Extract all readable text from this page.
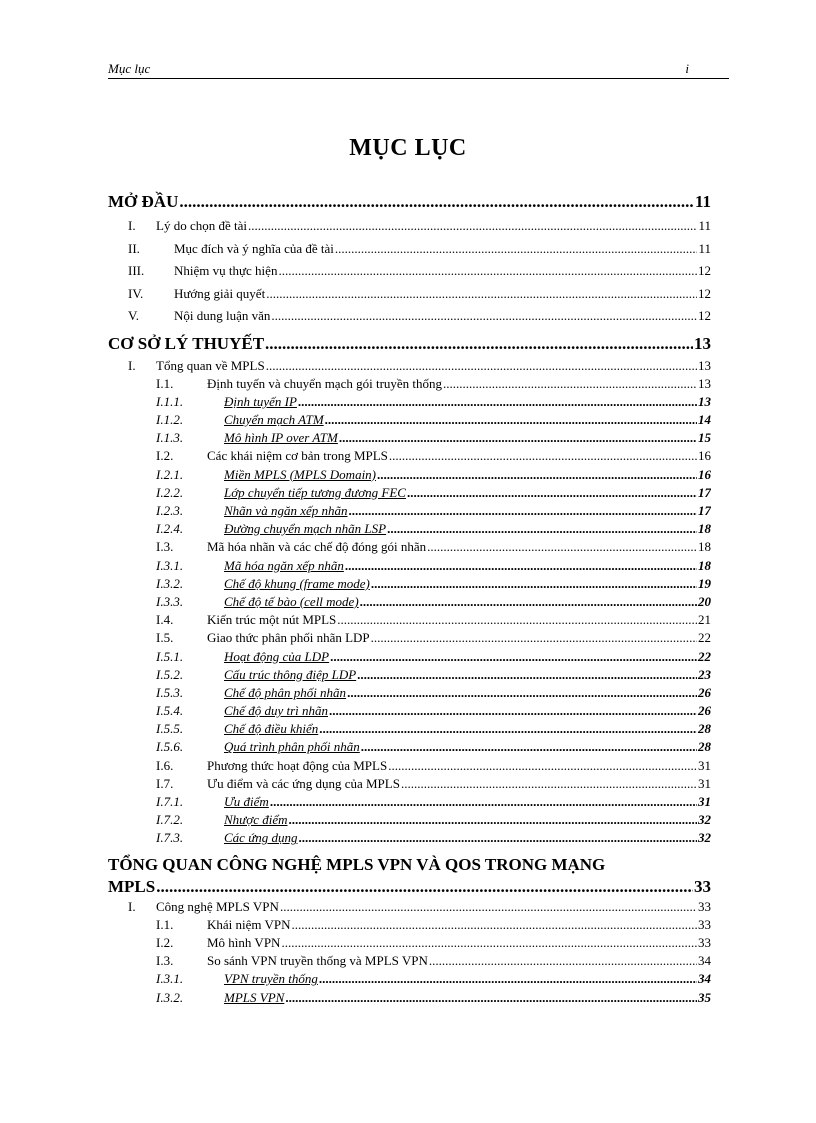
Mục lục	i
MỤC LỤC
MỞ ĐẦU .....	11
I.	Lý do chọn đề tài .....	11
II.	Mục đích và ý nghĩa của đề tài .....	11
III.	Nhiệm vụ thực hiện .....	12
IV.	Hướng giải quyết .....	12
V.	Nội dung luận văn .....	12
CƠ SỞ LÝ THUYẾT .....	13
I.	Tổng quan về MPLS .....	13
I.1.	Định tuyến và chuyển mạch gói truyền thống .....	13
I.1.1.	Định tuyến IP .....	13
I.1.2.	Chuyển mạch ATM .....	14
I.1.3.	Mô hình IP over ATM .....	15
I.2.	Các khái niệm cơ bản trong MPLS .....	16
I.2.1.	Miền MPLS (MPLS Domain) .....	16
I.2.2.	Lớp chuyển tiếp tương đương FEC .....	17
I.2.3.	Nhãn và ngăn xếp nhãn .....	17
I.2.4.	Đường chuyển mạch nhãn LSP .....	18
I.3.	Mã hóa nhãn và các chế độ đóng gói nhãn .....	18
I.3.1.	Mã hóa ngăn xếp nhãn .....	18
I.3.2.	Chế độ khung (frame mode) .....	19
I.3.3.	Chế độ tế bào (cell mode) .....	20
I.4.	Kiến trúc một nút MPLS .....	21
I.5.	Giao thức phân phối nhãn LDP .....	22
I.5.1.	Hoạt động của LDP .....	22
I.5.2.	Cấu trúc thông điệp LDP .....	23
I.5.3.	Chế độ phân phối nhãn .....	26
I.5.4.	Chế độ duy trì nhãn .....	26
I.5.5.	Chế độ điều khiển .....	28
I.5.6.	Quá trình phân phối nhãn .....	28
I.6.	Phương thức hoạt động của MPLS .....	31
I.7.	Ưu điểm và các ứng dụng của MPLS .....	31
I.7.1.	Ưu điểm .....	31
I.7.2.	Nhược điểm .....	32
I.7.3.	Các ứng dụng .....	32
TỔNG QUAN CÔNG NGHỆ MPLS VPN VÀ QOS TRONG MẠNG
MPLS .....	33
I.	Công nghệ MPLS VPN .....	33
I.1.	Khái niệm VPN .....	33
I.2.	Mô hình VPN .....	33
I.3.	So sánh VPN truyền thống và MPLS VPN .....	34
I.3.1.	VPN truyền thống .....	34
I.3.2.	MPLS VPN .....	35
